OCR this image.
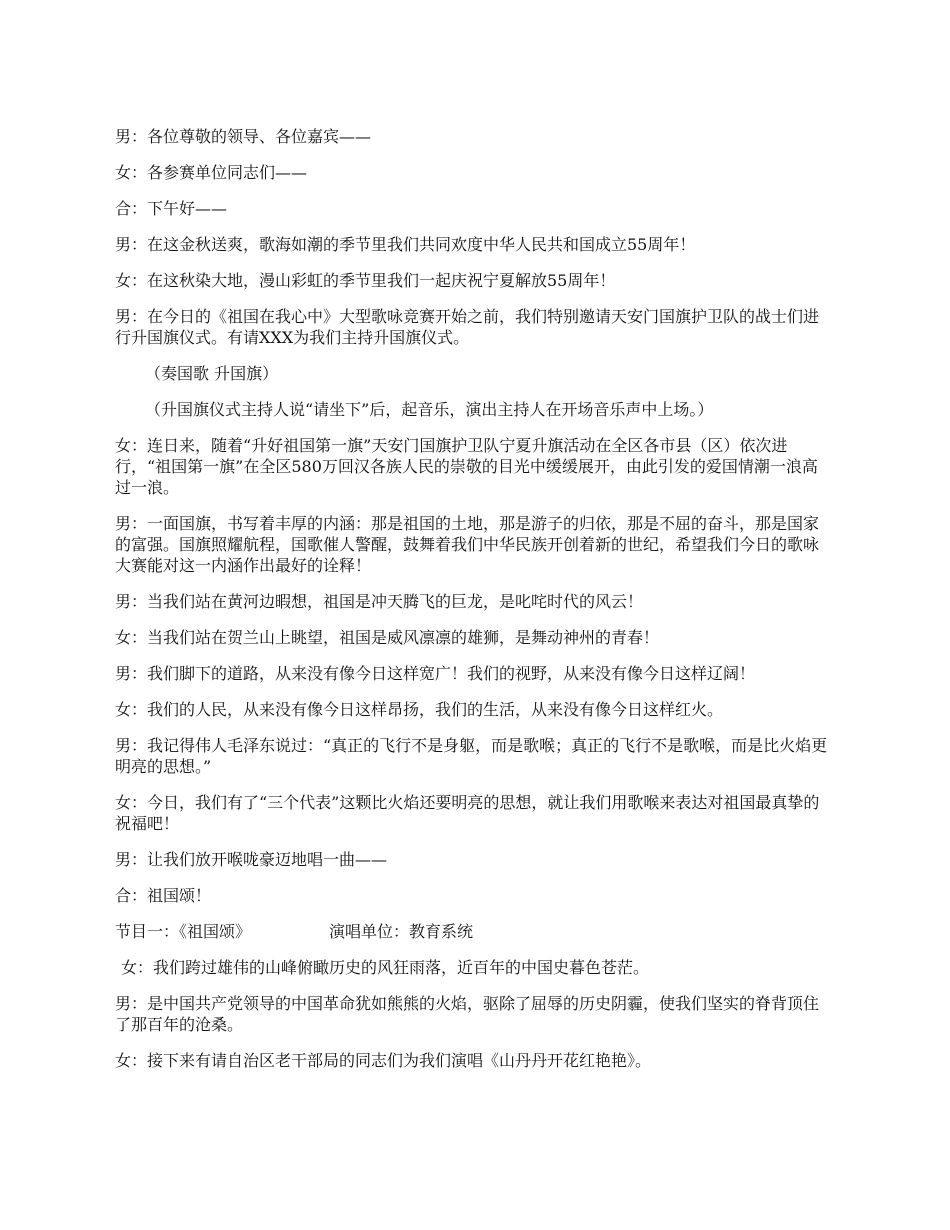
男：各位尊敬的领导、各位嘉宾——

女：各参赛单位同志们——

合：下午好——

男：在这金秋送爽，歌海如潮的季节里我们共同欢度中华人民共和国成立55周年！

女：在这秋染大地，漫山彩虹的季节里我们一起庆祝宁夏解放55周年！

男：在今日的《祖国在我心中》大型歌咏竞赛开始之前，我们特别邀请天安门国旗护卫队的战士们进行升国旗仪式。有请XXX为我们主持升国旗仪式。

（奏国歌 升国旗）

（升国旗仪式主持人说“请坐下”后，起音乐，演出主持人在开场音乐声中上场。）

女：连日来，随着“升好祖国第一旗”天安门国旗护卫队宁夏升旗活动在全区各市县（区）依次进行，“祖国第一旗”在全区580万回汉各族人民的崇敬的目光中缓缓展开，由此引发的爱国情潮一浪高过一浪。

男：一面国旗，书写着丰厚的内涵：那是祖国的土地，那是游子的归依，那是不屈的奋斗，那是国家的富强。国旗照耀航程，国歌催人警醒，鼓舞着我们中华民族开创着新的世纪，希望我们今日的歌咏大赛能对这一内涵作出最好的诠释！

男：当我们站在黄河边暇想，祖国是冲天腾飞的巨龙，是叱咤时代的风云！

女：当我们站在贺兰山上眺望，祖国是威风凛凛的雄狮，是舞动神州的青春！

男：我们脚下的道路，从来没有像今日这样宽广！我们的视野，从来没有像今日这样辽阔！

女：我们的人民，从来没有像今日这样昂扬，我们的生活，从来没有像今日这样红火。

男：我记得伟人毛泽东说过：“真正的飞行不是身躯，而是歌喉；真正的飞行不是歌喉，而是比火焰更明亮的思想。”

女：今日，我们有了“三个代表”这颗比火焰还要明亮的思想，就让我们用歌喉来表达对祖国最真挚的祝福吧！

男：让我们放开喉咙豪迈地唱一曲——

合：祖国颂！

节目一：《祖国颂》	演唱单位：教育系统

女：我们跨过雄伟的山峰俯瞰历史的风狂雨落，近百年的中国史暮色苍茫。

男：是中国共产党领导的中国革命犹如熊熊的火焰，驱除了屈辱的历史阴霾，使我们坚实的脊背顶住了那百年的沧桑。

女：接下来有请自治区老干部局的同志们为我们演唱《山丹丹开花红艳艳》。
